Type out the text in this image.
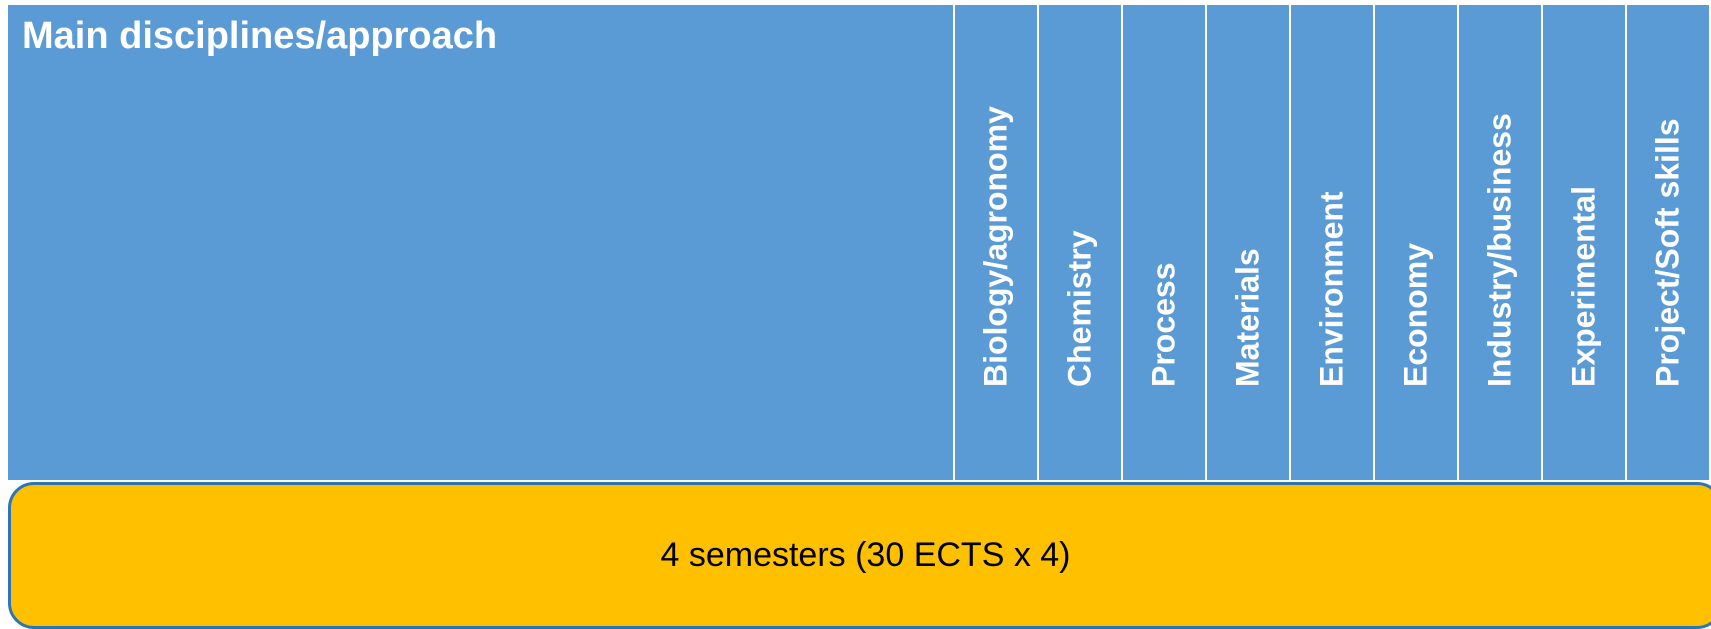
Main disciplines/approach
Biology/agronomy Chemistry Process Materials Environment Economy Industry/business Experimental Project/Soft skills
4 semesters (30 ECTS x 4)
